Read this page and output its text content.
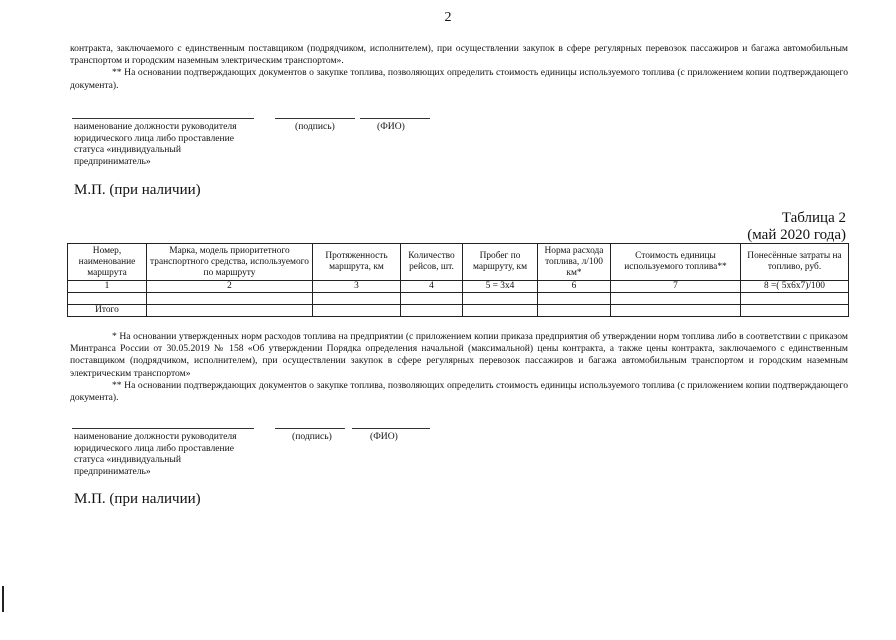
2

контракта, заключаемого с единственным поставщиком (подрядчиком, исполнителем), при осуществлении закупок в сфере регулярных перевозок пассажиров и багажа автомобильным транспортом и городским наземным электрическим транспортом».

** На основании подтверждающих документов о закупке топлива, позволяющих определить стоимость единицы используемого топлива (с приложением копии подтверждающего документа).

наименование должности руководителя юридического лица либо проставление статуса «индивидуальный предприниматель»
(подпись)	(ФИО)
М.П. (при наличии)
Таблица 2
(май 2020 года)
Номер, наименование маршрута	Марка, модель приоритетного транспортного средства, используемого по маршруту	Протяженность маршрута, км	Количество рейсов, шт.	Пробег по маршруту, км	Норма расхода топлива, л/100 км*	Стоимость единицы используемого топлива**	Понесённые затраты на топливо, руб.
1	2	3	4	5 = 3х4	6	7	8 =( 5х6х7)/100

Итого							

* На основании утвержденных норм расходов топлива на предприятии (с приложением копии приказа предприятия об утверждении норм топлива либо в соответствии с приказом Минтранса России от 30.05.2019 № 158 «Об утверждении Порядка определения начальной (максимальной) цены контракта, а также цены контракта, заключаемого с единственным поставщиком (подрядчиком, исполнителем), при осуществлении закупок в сфере регулярных перевозок пассажиров и багажа автомобильным транспортом и городским наземным электрическим транспортом»

** На основании подтверждающих документов о закупке топлива, позволяющих определить стоимость единицы используемого топлива (с приложением копии подтверждающего документа).

наименование должности руководителя юридического лица либо проставление статуса «индивидуальный предприниматель»
(подпись)	(ФИО)
М.П. (при наличии)
